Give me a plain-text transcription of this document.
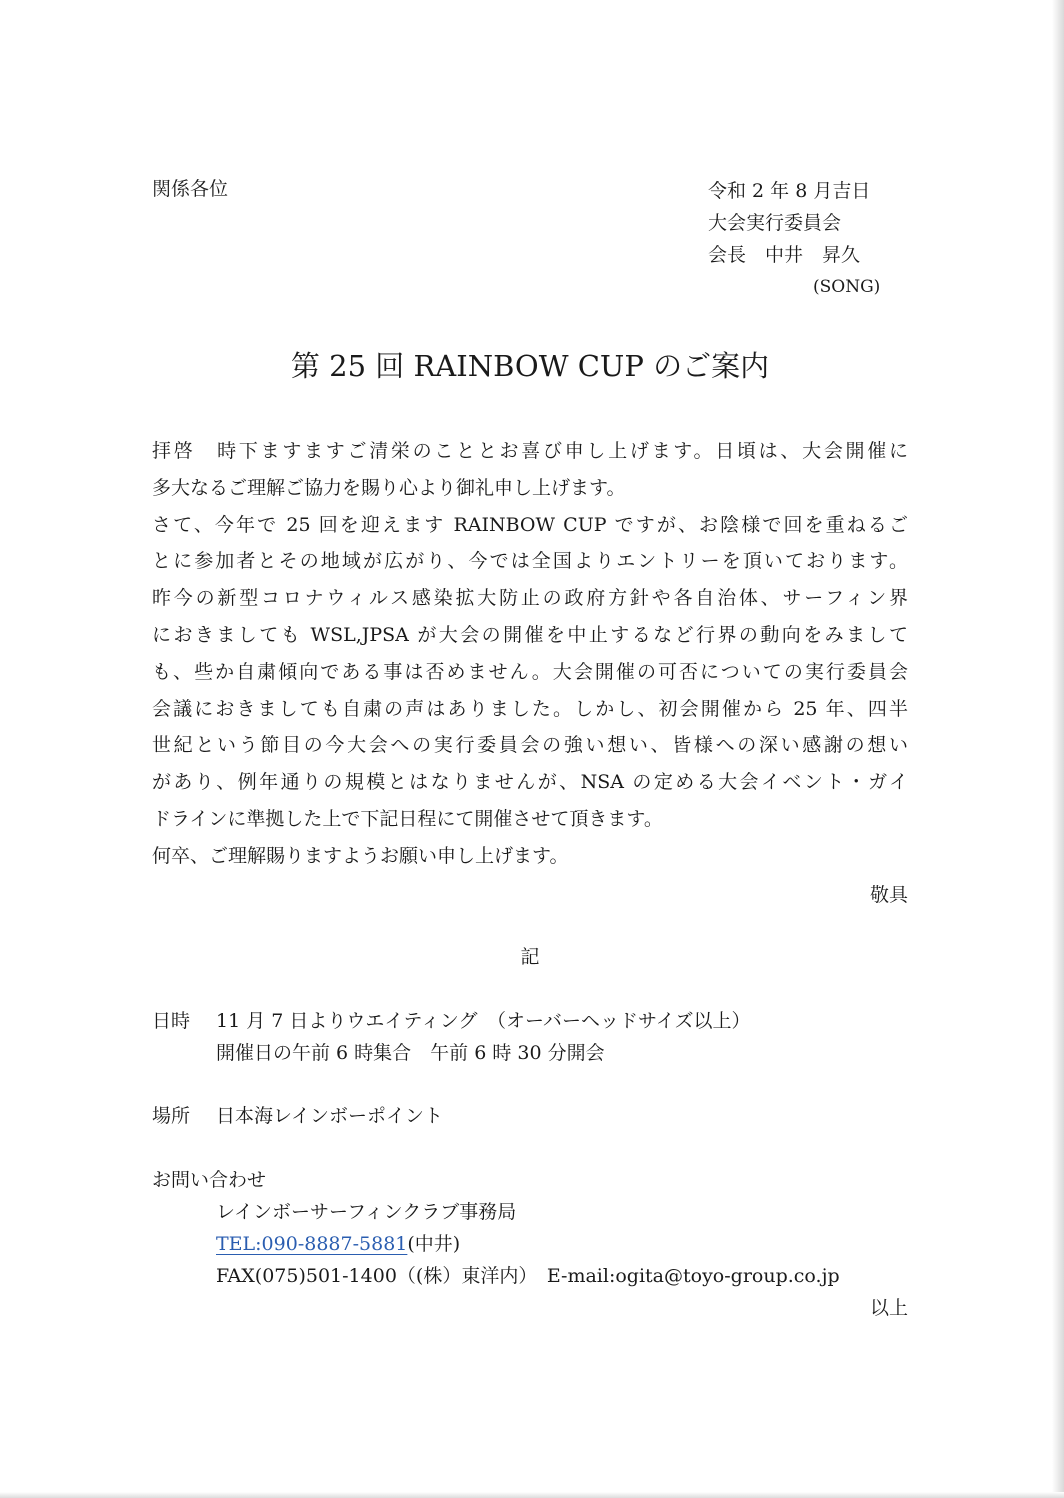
関係各位	令和 2 年 8 月吉日
大会実行委員会
会長　中井　昇久
(SONG)
第 25 回 RAINBOW CUP のご案内
拝啓　時下ますますご清栄のこととお喜び申し上げます。日頃は、大会開催に
多大なるご理解ご協力を賜り心より御礼申し上げます。
さて、今年で 25 回を迎えます RAINBOW CUP ですが、お陰様で回を重ねるご
とに参加者とその地域が広がり、今では全国よりエントリーを頂いております。
昨今の新型コロナウィルス感染拡大防止の政府方針や各自治体、サーフィン界
におきましても WSL,JPSA が大会の開催を中止するなど行界の動向をみまして
も、些か自粛傾向である事は否めません。大会開催の可否についての実行委員会
会議におきましても自粛の声はありました。しかし、初会開催から 25 年、四半
世紀という節目の今大会への実行委員会の強い想い、皆様への深い感謝の想い
があり、例年通りの規模とはなりませんが、NSA の定める大会イベント・ガイ
ドラインに準拠した上で下記日程にて開催させて頂きます。
何卒、ご理解賜りますようお願い申し上げます。
敬具
記
日時 11 月 7 日よりウエイティング　（オーバーヘッドサイズ以上）
開催日の午前 6 時集合　午前 6 時 30 分開会
場所 日本海レインボーポイント
お問い合わせ
レインボーサーフィンクラブ事務局
TEL:090-8887-5881(中井)
FAX(075)501-1400（(株）東洋内）　E-mail:ogita@toyo-group.co.jp
以上
